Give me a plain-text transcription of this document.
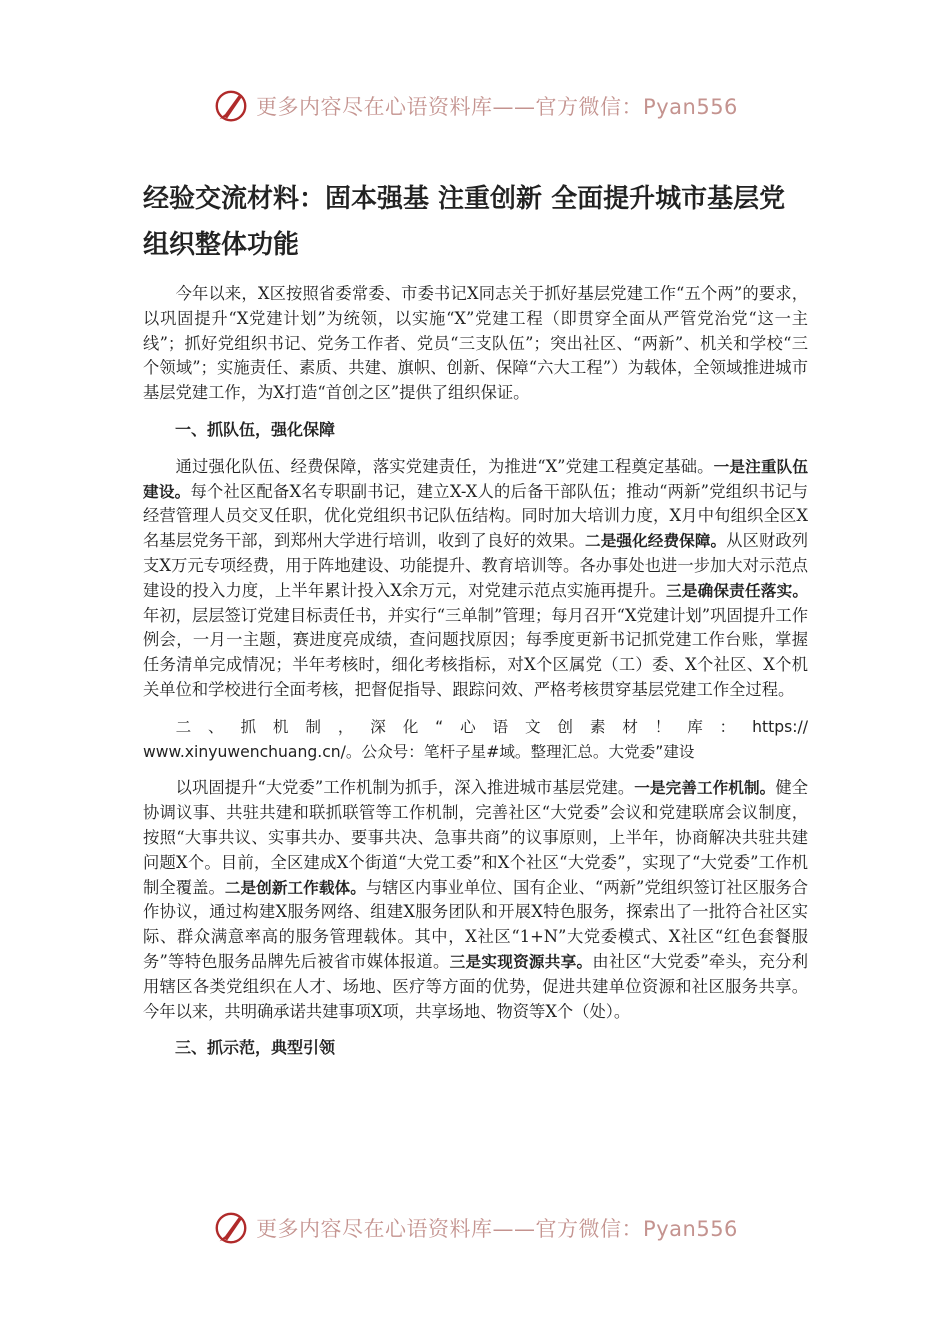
更多内容尽在心语资料库——官方微信：Pyan556
经验交流材料：固本强基 注重创新 全面提升城市基层党组织整体功能

今年以来，X区按照省委常委、市委书记X同志关于抓好基层党建工作“五个两”的要求，以巩固提升“X党建计划”为统领，以实施“X”党建工程（即贯穿全面从严管党治党“这一主线”；抓好党组织书记、党务工作者、党员“三支队伍”；突出社区、“两新”、机关和学校“三个领域”；实施责任、素质、共建、旗帜、创新、保障“六大工程”）为载体，全领域推进城市基层党建工作，为X打造“首创之区”提供了组织保证。

一、抓队伍，强化保障

通过强化队伍、经费保障，落实党建责任，为推进“X”党建工程奠定基础。一是注重队伍建设。每个社区配备X名专职副书记，建立X-X人的后备干部队伍；推动“两新”党组织书记与经营管理人员交叉任职，优化党组织书记队伍结构。同时加大培训力度，X月中旬组织全区X名基层党务干部，到郑州大学进行培训，收到了良好的效果。二是强化经费保障。从区财政列支X万元专项经费，用于阵地建设、功能提升、教育培训等。各办事处也进一步加大对示范点建设的投入力度，上半年累计投入X余万元，对党建示范点实施再提升。三是确保责任落实。年初，层层签订党建目标责任书，并实行“三单制”管理；每月召开“X党建计划”巩固提升工作例会，一月一主题，赛进度亮成绩，查问题找原因；每季度更新书记抓党建工作台账，掌握任务清单完成情况；半年考核时，细化考核指标，对X个区属党（工）委、X个社区、X个机关单位和学校进行全面考核，把督促指导、跟踪问效、严格考核贯穿基层党建工作全过程。

二、抓机制，深化“心语文创素材！库：https://

www.xinyuwenchuang.cn/。公众号：笔杆子星#域。整理汇总。大党委”建设

以巩固提升“大党委”工作机制为抓手，深入推进城市基层党建。一是完善工作机制。健全协调议事、共驻共建和联抓联管等工作机制，完善社区“大党委”会议和党建联席会议制度，按照“大事共议、实事共办、要事共决、急事共商”的议事原则，上半年，协商解决共驻共建问题X个。目前，全区建成X个街道“大党工委”和X个社区“大党委”，实现了“大党委”工作机制全覆盖。二是创新工作载体。与辖区内事业单位、国有企业、“两新”党组织签订社区服务合作协议，通过构建X服务网络、组建X服务团队和开展X特色服务，探索出了一批符合社区实际、群众满意率高的服务管理载体。其中，X社区“1+N”大党委模式、X社区“红色套餐服务”等特色服务品牌先后被省市媒体报道。三是实现资源共享。由社区“大党委”牵头，充分利用辖区各类党组织在人才、场地、医疗等方面的优势，促进共建单位资源和社区服务共享。今年以来，共明确承诺共建事项X项，共享场地、物资等X个（处）。

三、抓示范，典型引领

更多内容尽在心语资料库——官方微信：Pyan556
